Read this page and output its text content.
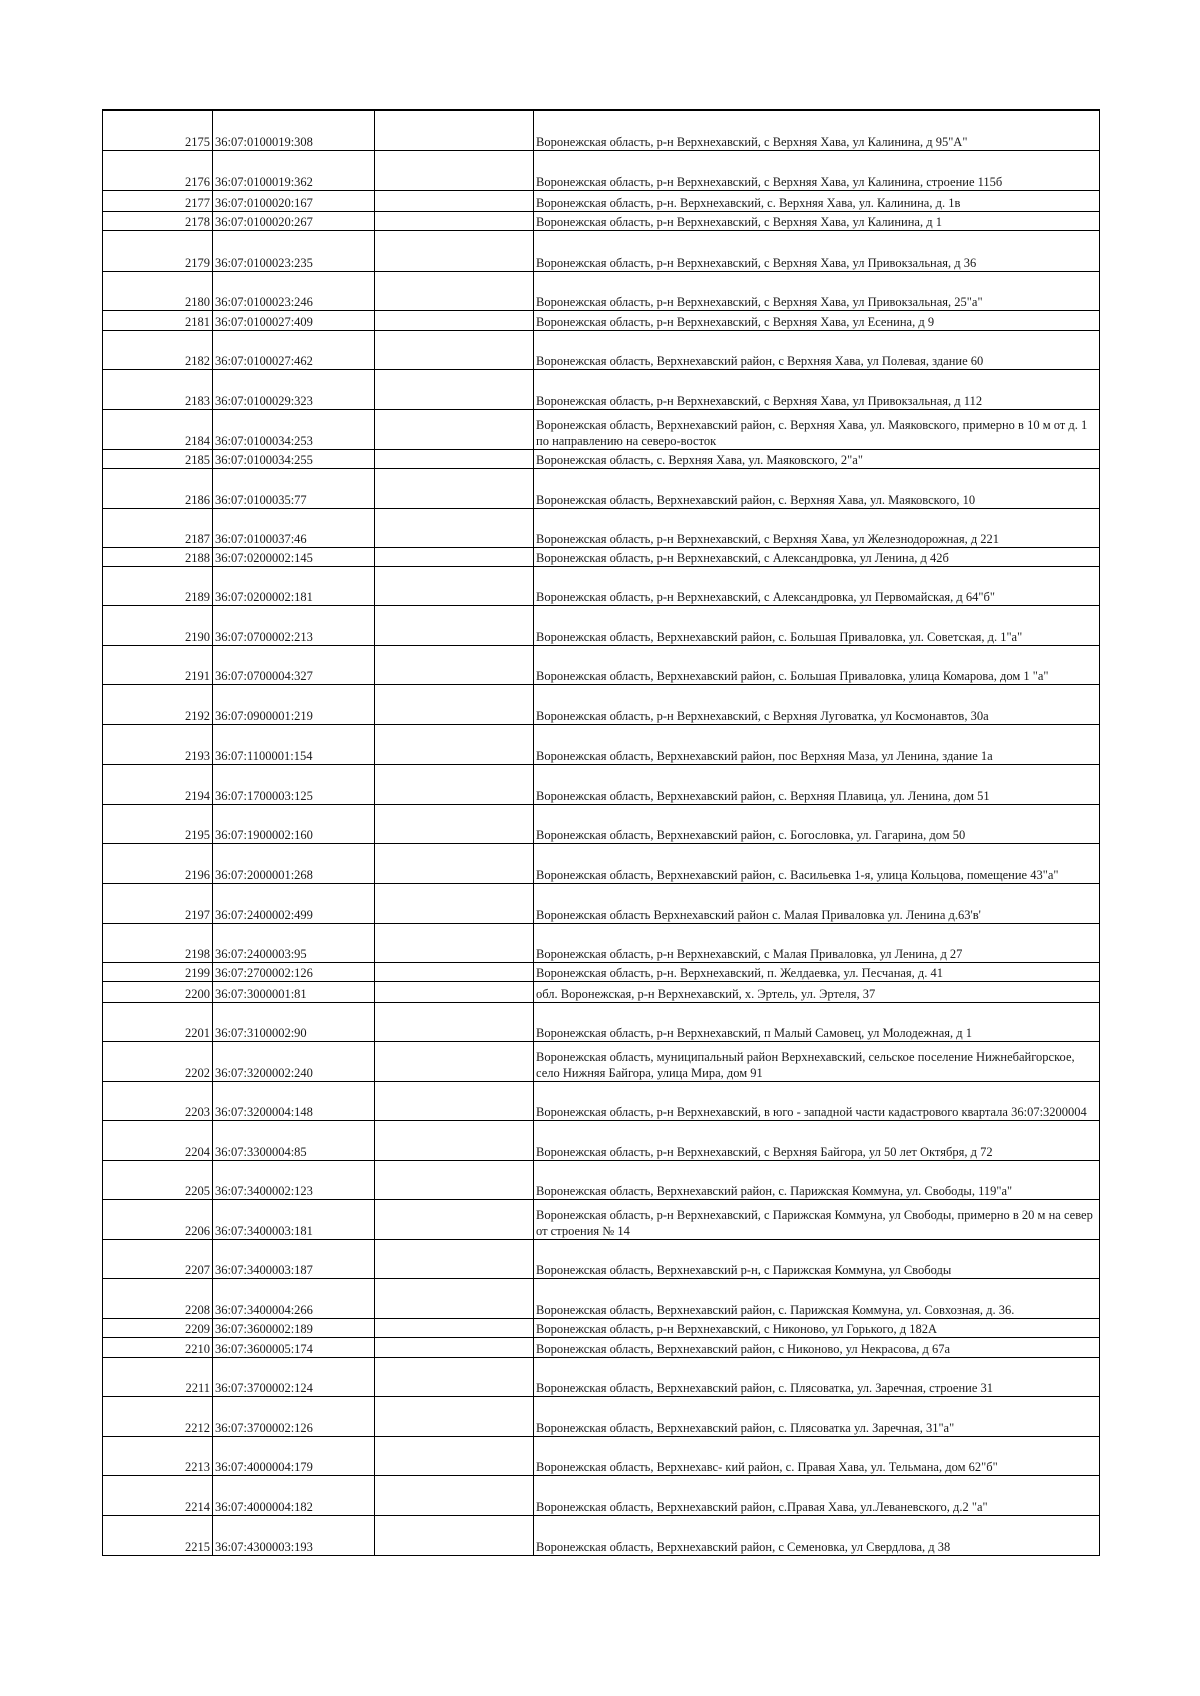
2175	36:07:0100019:308		Воронежская область, р-н Верхнехавский, с Верхняя Хава, ул Калинина, д 95"А"
2176	36:07:0100019:362		Воронежская область, р-н Верхнехавский, с Верхняя Хава, ул Калинина, строение 115б
2177	36:07:0100020:167		Воронежская область, р-н. Верхнехавский, с. Верхняя Хава, ул. Калинина, д. 1в
2178	36:07:0100020:267		Воронежская область, р-н Верхнехавский, с Верхняя Хава, ул Калинина, д 1
2179	36:07:0100023:235		Воронежская область, р-н Верхнехавский, с Верхняя Хава, ул Привокзальная, д 36
2180	36:07:0100023:246		Воронежская область, р-н Верхнехавский, с Верхняя Хава, ул Привокзальная, 25"а"
2181	36:07:0100027:409		Воронежская область, р-н Верхнехавский, с Верхняя Хава, ул Есенина, д 9
2182	36:07:0100027:462		Воронежская область, Верхнехавский район, с Верхняя Хава, ул Полевая, здание 60
2183	36:07:0100029:323		Воронежская область, р-н Верхнехавский, с Верхняя Хава, ул Привокзальная, д 112
2184	36:07:0100034:253		Воронежская область, Верхнехавский район, с. Верхняя Хава, ул. Маяковского, примерно в 10 м от д. 1 по направлению на северо-восток
2185	36:07:0100034:255		Воронежская область, с. Верхняя Хава, ул. Маяковского, 2"а"
2186	36:07:0100035:77		Воронежская область, Верхнехавский район, с. Верхняя Хава, ул. Маяковского, 10
2187	36:07:0100037:46		Воронежская область, р-н Верхнехавский, с Верхняя Хава, ул Железнодорожная, д 221
2188	36:07:0200002:145		Воронежская область, р-н Верхнехавский, с Александровка, ул Ленина, д 42б
2189	36:07:0200002:181		Воронежская область, р-н Верхнехавский, с Александровка, ул Первомайская, д 64"б"
2190	36:07:0700002:213		Воронежская область, Верхнехавский район, с. Большая Приваловка, ул. Советская, д. 1"а"
2191	36:07:0700004:327		Воронежская область, Верхнехавский район, с. Большая Приваловка, улица Комарова, дом 1 "а"
2192	36:07:0900001:219		Воронежская область, р-н Верхнехавский, с Верхняя Луговатка, ул Космонавтов, 30а
2193	36:07:1100001:154		Воронежская область, Верхнехавский район, пос Верхняя Маза, ул Ленина, здание 1а
2194	36:07:1700003:125		Воронежская область, Верхнехавский район, с. Верхняя Плавица, ул. Ленина, дом 51
2195	36:07:1900002:160		Воронежская область, Верхнехавский район, с. Богословка, ул. Гагарина, дом 50
2196	36:07:2000001:268		Воронежская область, Верхнехавский район, с. Васильевка 1-я, улица Кольцова, помещение 43"а"
2197	36:07:2400002:499		Воронежская область Верхнехавский район с. Малая Приваловка ул. Ленина д.63'в'
2198	36:07:2400003:95		Воронежская область, р-н Верхнехавский, с Малая Приваловка, ул Ленина, д 27
2199	36:07:2700002:126		Воронежская область, р-н. Верхнехавский, п. Желдаевка, ул. Песчаная, д. 41
2200	36:07:3000001:81		обл. Воронежская, р-н Верхнехавский, х. Эртель, ул. Эртеля, 37
2201	36:07:3100002:90		Воронежская область, р-н Верхнехавский, п Малый Самовец, ул Молодежная, д 1
2202	36:07:3200002:240		Воронежская область, муниципальный район Верхнехавский, сельское поселение Нижнебайгорское, село Нижняя Байгора, улица Мира, дом 91
2203	36:07:3200004:148		Воронежская область, р-н Верхнехавский, в юго - западной части кадастрового квартала 36:07:3200004
2204	36:07:3300004:85		Воронежская область, р-н Верхнехавский, с Верхняя Байгора, ул 50 лет Октября, д 72
2205	36:07:3400002:123		Воронежская область, Верхнехавский район, с. Парижская Коммуна, ул. Свободы, 119"а"
2206	36:07:3400003:181		Воронежская область, р-н Верхнехавский, с Парижская Коммуна, ул Свободы, примерно в 20 м на север от строения № 14
2207	36:07:3400003:187		Воронежская область, Верхнехавский р-н, с Парижская Коммуна, ул Свободы
2208	36:07:3400004:266		Воронежская область, Верхнехавский район, с. Парижская Коммуна, ул. Совхозная, д. 36.
2209	36:07:3600002:189		Воронежская область, р-н Верхнехавский, с Никоново, ул Горького, д 182А
2210	36:07:3600005:174		Воронежская область, Верхнехавский район, с Никоново, ул Некрасова, д 67а
2211	36:07:3700002:124		Воронежская область, Верхнехавский район, с. Плясоватка, ул. Заречная, строение 31
2212	36:07:3700002:126		Воронежская область, Верхнехавский район, с. Плясоватка ул. Заречная, 31"а"
2213	36:07:4000004:179		Воронежская область, Верхнехавс- кий район, с. Правая Хава, ул. Тельмана, дом 62"б"
2214	36:07:4000004:182		Воронежская область, Верхнехавский район, с.Правая Хава, ул.Леваневского, д.2 "а"
2215	36:07:4300003:193		Воронежская область, Верхнехавский район, с Семеновка, ул Свердлова, д 38
